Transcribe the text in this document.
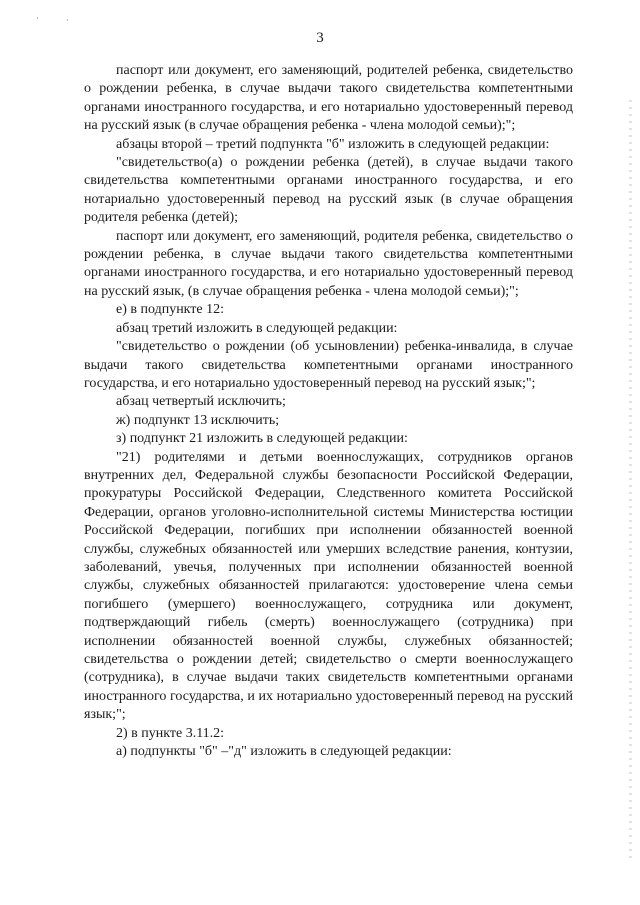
·	·
3

паспорт или документ, его заменяющий, родителей ребенка, свидетельство о рождении ребенка, в случае выдачи такого свидетельства компетентными органами иностранного государства, и его нотариально удостоверенный перевод на русский язык (в случае обращения ребенка - члена молодой семьи);";

абзацы второй – третий подпункта "б" изложить в следующей редакции:

"свидетельство(а) о рождении ребенка (детей), в случае выдачи такого свидетельства компетентными органами иностранного государства, и его нотариально удостоверенный перевод на русский язык (в случае обращения родителя ребенка (детей);

паспорт или документ, его заменяющий, родителя ребенка, свидетельство о рождении ребенка, в случае выдачи такого свидетельства компетентными органами иностранного государства, и его нотариально удостоверенный перевод на русский язык, (в случае обращения ребенка - члена молодой семьи);";

е) в подпункте 12:

абзац третий изложить в следующей редакции:

"свидетельство о рождении (об усыновлении) ребенка-инвалида, в случае выдачи такого свидетельства компетентными органами иностранного государства, и его нотариально удостоверенный перевод на русский язык;";

абзац четвертый исключить;

ж) подпункт 13 исключить;

з) подпункт 21 изложить в следующей редакции:

"21) родителями и детьми военнослужащих, сотрудников органов внутренних дел, Федеральной службы безопасности Российской Федерации, прокуратуры Российской Федерации, Следственного комитета Российской Федерации, органов уголовно-исполнительной системы Министерства юстиции Российской Федерации, погибших при исполнении обязанностей военной службы, служебных обязанностей или умерших вследствие ранения, контузии, заболеваний, увечья, полученных при исполнении обязанностей военной службы, служебных обязанностей прилагаются: удостоверение члена семьи погибшего (умершего) военнослужащего, сотрудника или документ, подтверждающий гибель (смерть) военнослужащего (сотрудника) при исполнении обязанностей военной службы, служебных обязанностей; свидетельства о рождении детей; свидетельство о смерти военнослужащего (сотрудника), в случае выдачи таких свидетельств компетентными органами иностранного государства, и их нотариально удостоверенный перевод на русский язык;";

2) в пункте 3.11.2:

а) подпункты "б" –"д" изложить в следующей редакции:
